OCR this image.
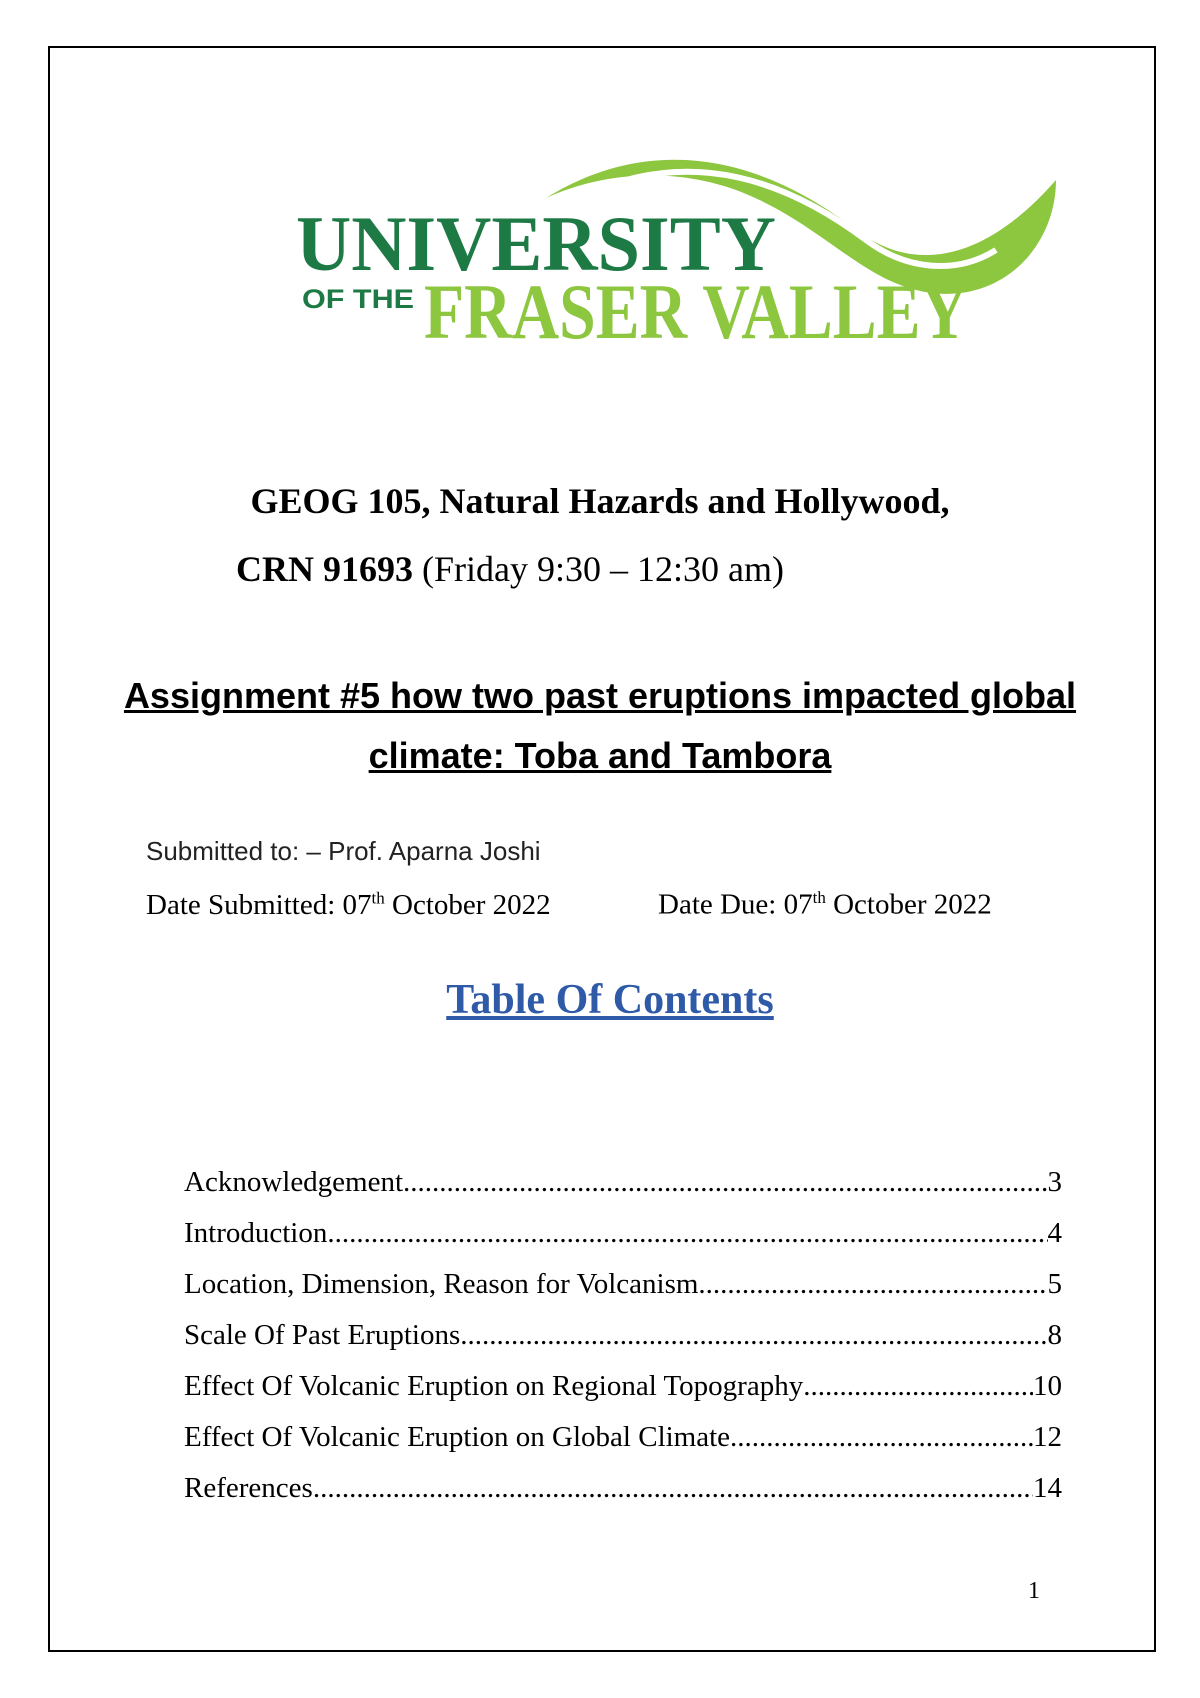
UNIVERSITY
OF THE FRASER VALLEY
GEOG 105, Natural Hazards and Hollywood,
CRN 91693 (Friday 9:30 – 12:30 am)
Assignment #5 how two past eruptions impacted global climate: Toba and Tambora
Submitted to: – Prof. Aparna Joshi
Date Submitted: 07th October 2022	Date Due: 07th October 2022
Table Of Contents
Acknowledgement .....	3
Introduction .....	4
Location, Dimension, Reason for Volcanism .....	5
Scale Of Past Eruptions .....	8
Effect Of Volcanic Eruption on Regional Topography .....	10
Effect Of Volcanic Eruption on Global Climate .....	12
References .....	14
1
